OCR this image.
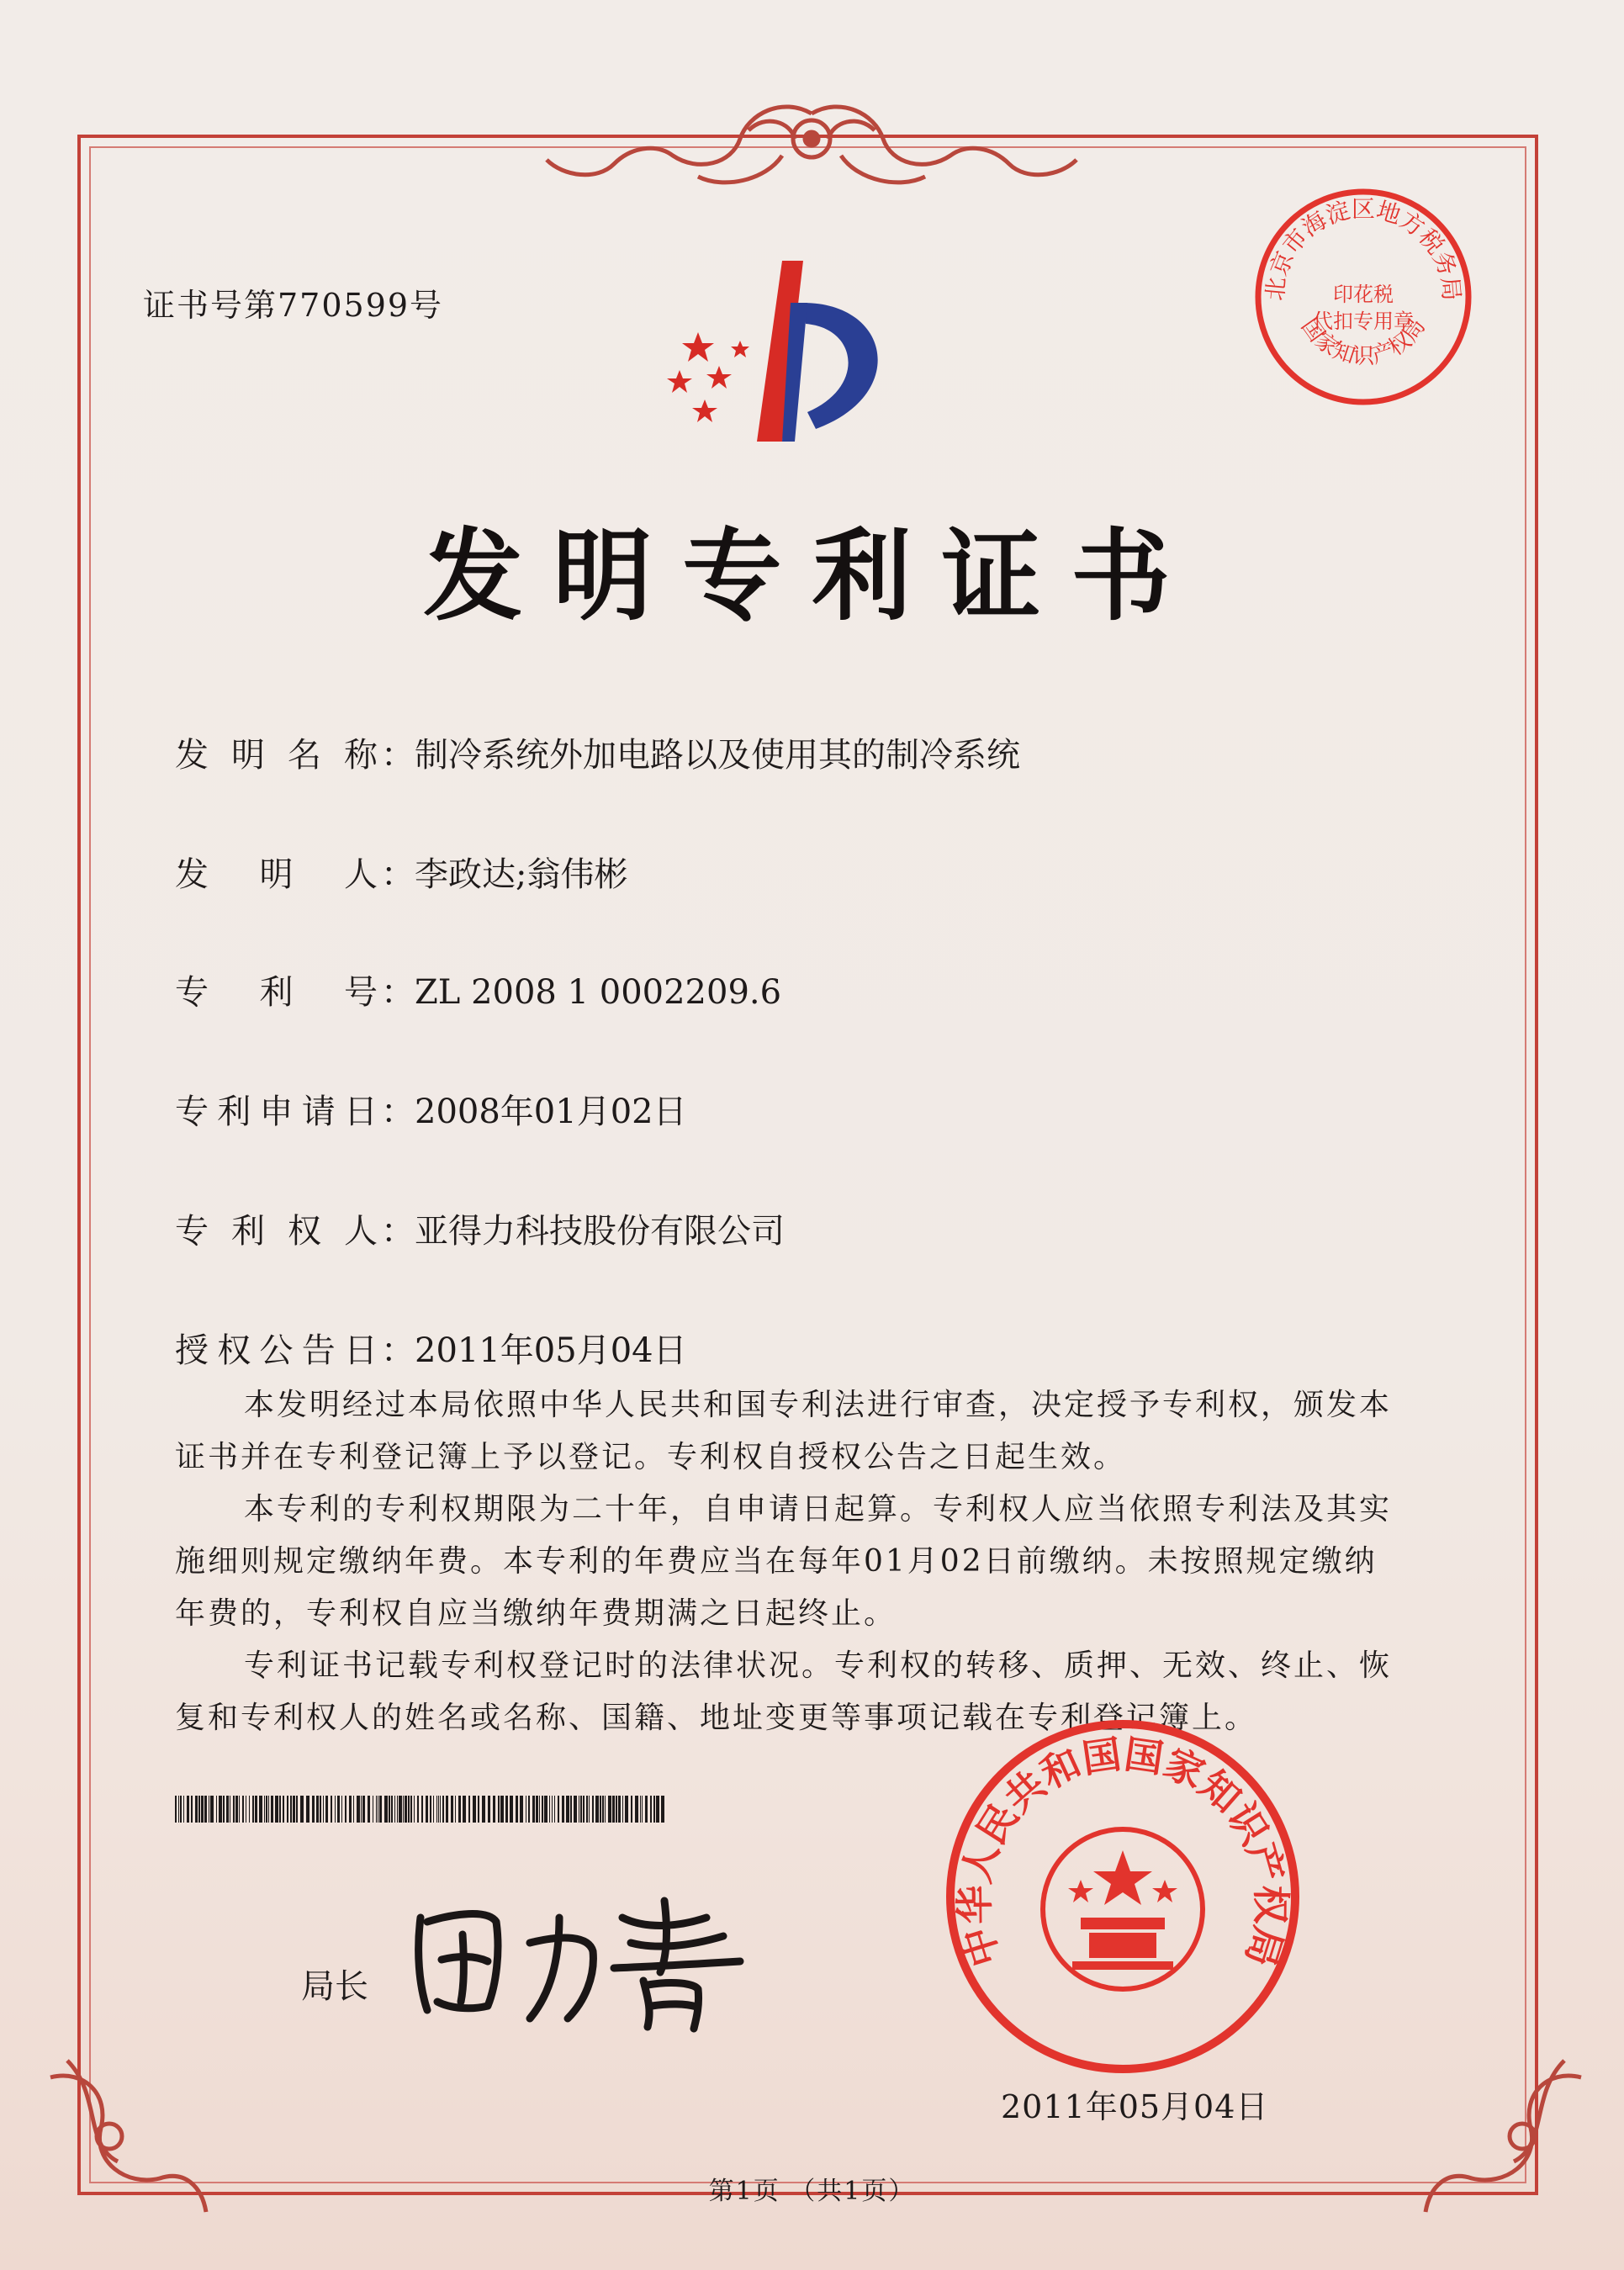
证书号第770599号	北京市海淀区地方税务局
印花税
代扣专用章
国家知识产权局
发明专利证书
发明名称：制冷系统外加电路以及使用其的制冷系统
发明人：李政达;翁伟彬
专利号：ZL 2008 1 0002209.6
专利申请日：2008年01月02日
专利权人：亚得力科技股份有限公司
授权公告日：2011年05月04日

本发明经过本局依照中华人民共和国专利法进行审查，决定授予专利权，颁发本证书并在专利登记簿上予以登记。专利权自授权公告之日起生效。

本专利的专利权期限为二十年，自申请日起算。专利权人应当依照专利法及其实施细则规定缴纳年费。本专利的年费应当在每年01月02日前缴纳。未按照规定缴纳年费的，专利权自应当缴纳年费期满之日起终止。

专利证书记载专利权登记时的法律状况。专利权的转移、质押、无效、终止、恢复和专利权人的姓名或名称、国籍、地址变更等事项记载在专利登记簿上。

局长
中华人民共和国国家知识产权局
2011年05月04日
第1页 （共1页）
